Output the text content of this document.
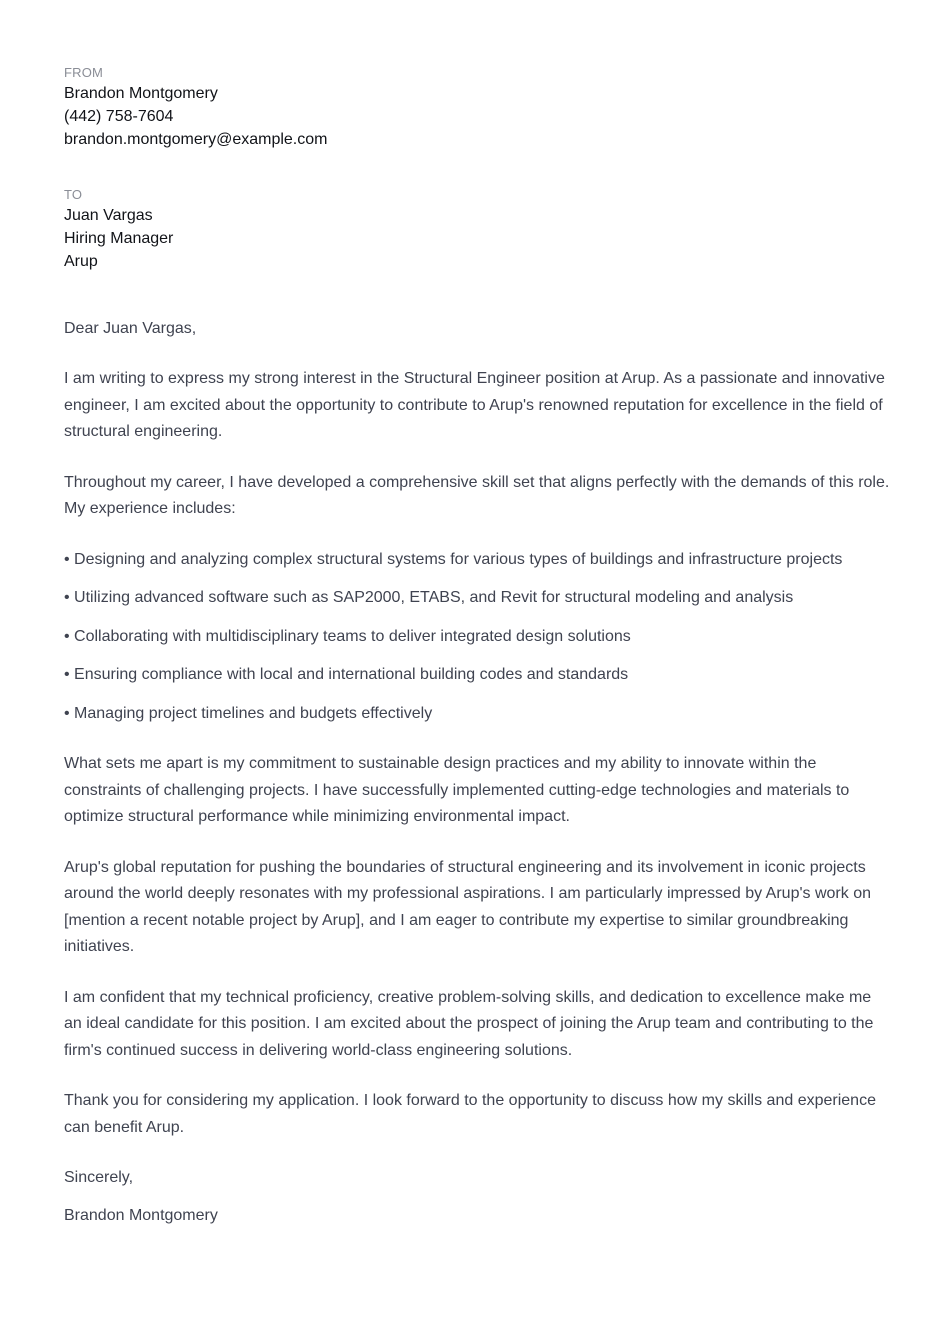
FROM

Brandon Montgomery

(442) 758-7604

brandon.montgomery@example.com

TO

Juan Vargas

Hiring Manager

Arup

Dear Juan Vargas,

I am writing to express my strong interest in the Structural Engineer position at Arup. As a passionate and innovative engineer, I am excited about the opportunity to contribute to Arup's renowned reputation for excellence in the field of structural engineering.

Throughout my career, I have developed a comprehensive skill set that aligns perfectly with the demands of this role. My experience includes:

• Designing and analyzing complex structural systems for various types of buildings and infrastructure projects
• Utilizing advanced software such as SAP2000, ETABS, and Revit for structural modeling and analysis
• Collaborating with multidisciplinary teams to deliver integrated design solutions
• Ensuring compliance with local and international building codes and standards
• Managing project timelines and budgets effectively

What sets me apart is my commitment to sustainable design practices and my ability to innovate within the constraints of challenging projects. I have successfully implemented cutting-edge technologies and materials to optimize structural performance while minimizing environmental impact.

Arup's global reputation for pushing the boundaries of structural engineering and its involvement in iconic projects around the world deeply resonates with my professional aspirations. I am particularly impressed by Arup's work on [mention a recent notable project by Arup], and I am eager to contribute my expertise to similar groundbreaking initiatives.

I am confident that my technical proficiency, creative problem-solving skills, and dedication to excellence make me an ideal candidate for this position. I am excited about the prospect of joining the Arup team and contributing to the firm's continued success in delivering world-class engineering solutions.

Thank you for considering my application. I look forward to the opportunity to discuss how my skills and experience can benefit Arup.

Sincerely,
Brandon Montgomery
